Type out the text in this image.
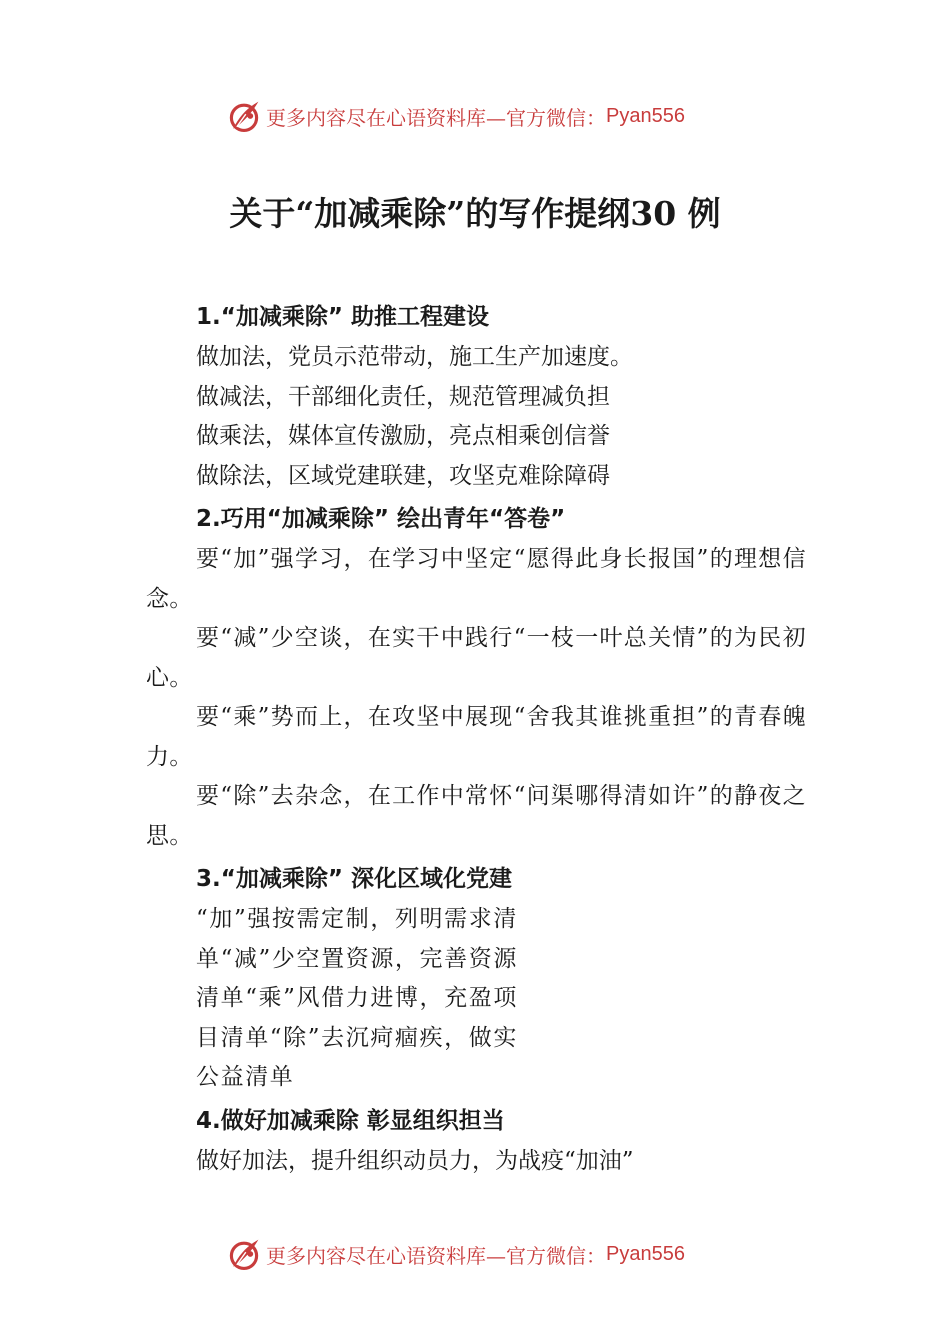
更多内容尽在心语资料库—官方微信： Pyan556
关于“加减乘除”的写作提纲30 例
1.“加减乘除” 助推工程建设
做加法，党员示范带动，施工生产加速度。
做减法，干部细化责任，规范管理减负担
做乘法，媒体宣传激励，亮点相乘创信誉
做除法，区域党建联建，攻坚克难除障碍
2.巧用“加减乘除” 绘出青年“答卷”
要“加”强学习，在学习中坚定“愿得此身长报国”的理想信念。
要“减”少空谈，在实干中践行“一枝一叶总关情”的为民初心。
要“乘”势而上，在攻坚中展现“舍我其谁挑重担”的青春魄力。
要“除”去杂念，在工作中常怀“问渠哪得清如许”的静夜之思。
3.“加减乘除” 深化区域化党建
“加”强按需定制，列明需求清
单“减”少空置资源，完善资源
清单“乘”风借力进博，充盈项
目清单“除”去沉疴痼疾，做实
公益清单
4.做好加减乘除 彰显组织担当
做好加法，提升组织动员力，为战疫“加油”
更多内容尽在心语资料库—官方微信： Pyan556
